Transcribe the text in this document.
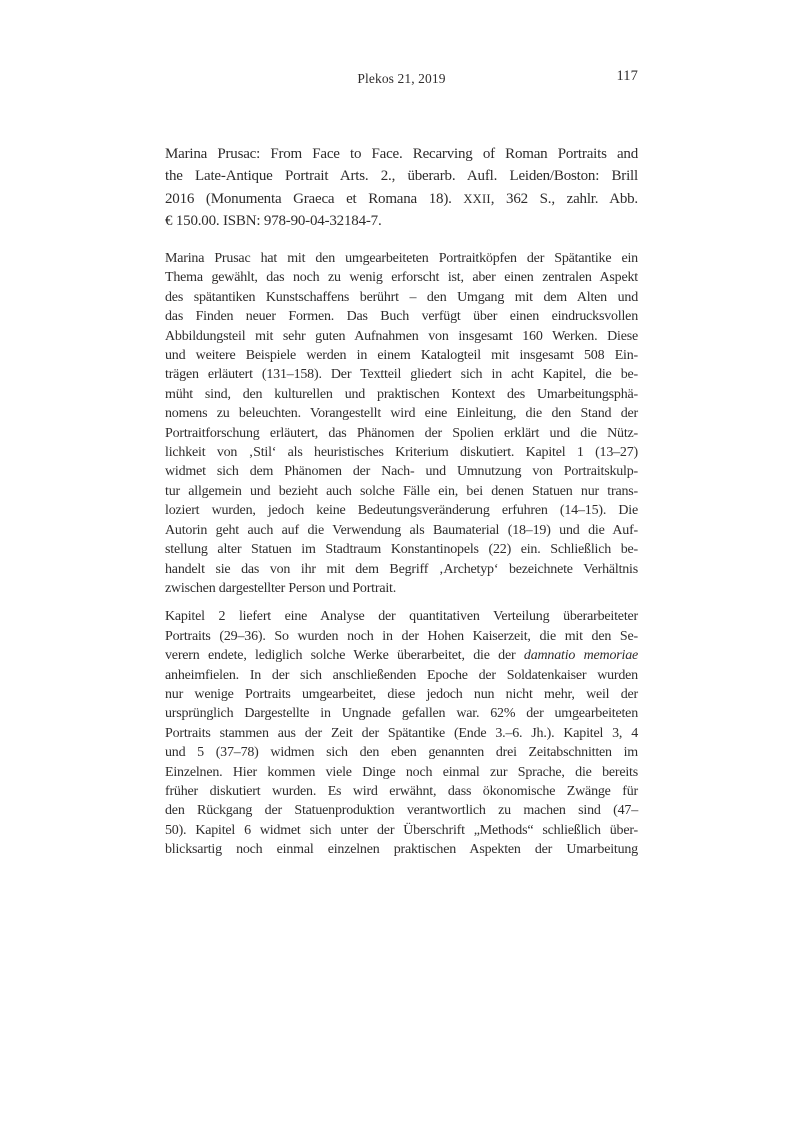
Plekos 21, 2019	117
Marina Prusac: From Face to Face. Recarving of Roman Portraits and
the Late-Antique Portrait Arts. 2., überarb. Aufl. Leiden/Boston: Brill
2016 (Monumenta Graeca et Romana 18). XXII, 362 S., zahlr. Abb.
€ 150.00. ISBN: 978-90-04-32184-7.
Marina Prusac hat mit den umgearbeiteten Portraitköpfen der Spätantike ein
Thema gewählt, das noch zu wenig erforscht ist, aber einen zentralen Aspekt
des spätantiken Kunstschaffens berührt – den Umgang mit dem Alten und
das Finden neuer Formen. Das Buch verfügt über einen eindrucksvollen
Abbildungsteil mit sehr guten Aufnahmen von insgesamt 160 Werken. Diese
und weitere Beispiele werden in einem Katalogteil mit insgesamt 508 Ein-
trägen erläutert (131–158). Der Textteil gliedert sich in acht Kapitel, die be-
müht sind, den kulturellen und praktischen Kontext des Umarbeitungsphä-
nomens zu beleuchten. Vorangestellt wird eine Einleitung, die den Stand der
Portraitforschung erläutert, das Phänomen der Spolien erklärt und die Nütz-
lichkeit von ‚Stil‘ als heuristisches Kriterium diskutiert. Kapitel 1 (13–27)
widmet sich dem Phänomen der Nach- und Umnutzung von Portraitskulp-
tur allgemein und bezieht auch solche Fälle ein, bei denen Statuen nur trans-
loziert wurden, jedoch keine Bedeutungsveränderung erfuhren (14–15). Die
Autorin geht auch auf die Verwendung als Baumaterial (18–19) und die Auf-
stellung alter Statuen im Stadtraum Konstantinopels (22) ein. Schließlich be-
handelt sie das von ihr mit dem Begriff ‚Archetyp‘ bezeichnete Verhältnis
zwischen dargestellter Person und Portrait.
Kapitel 2 liefert eine Analyse der quantitativen Verteilung überarbeiteter
Portraits (29–36). So wurden noch in der Hohen Kaiserzeit, die mit den Se-
verern endete, lediglich solche Werke überarbeitet, die der damnatio memoriae
anheimfielen. In der sich anschließenden Epoche der Soldatenkaiser wurden
nur wenige Portraits umgearbeitet, diese jedoch nun nicht mehr, weil der
ursprünglich Dargestellte in Ungnade gefallen war. 62% der umgearbeiteten
Portraits stammen aus der Zeit der Spätantike (Ende 3.–6. Jh.). Kapitel 3, 4
und 5 (37–78) widmen sich den eben genannten drei Zeitabschnitten im
Einzelnen. Hier kommen viele Dinge noch einmal zur Sprache, die bereits
früher diskutiert wurden. Es wird erwähnt, dass ökonomische Zwänge für
den Rückgang der Statuenproduktion verantwortlich zu machen sind (47–
50). Kapitel 6 widmet sich unter der Überschrift „Methods“ schließlich über-
blicksartig noch einmal einzelnen praktischen Aspekten der Umarbeitung
